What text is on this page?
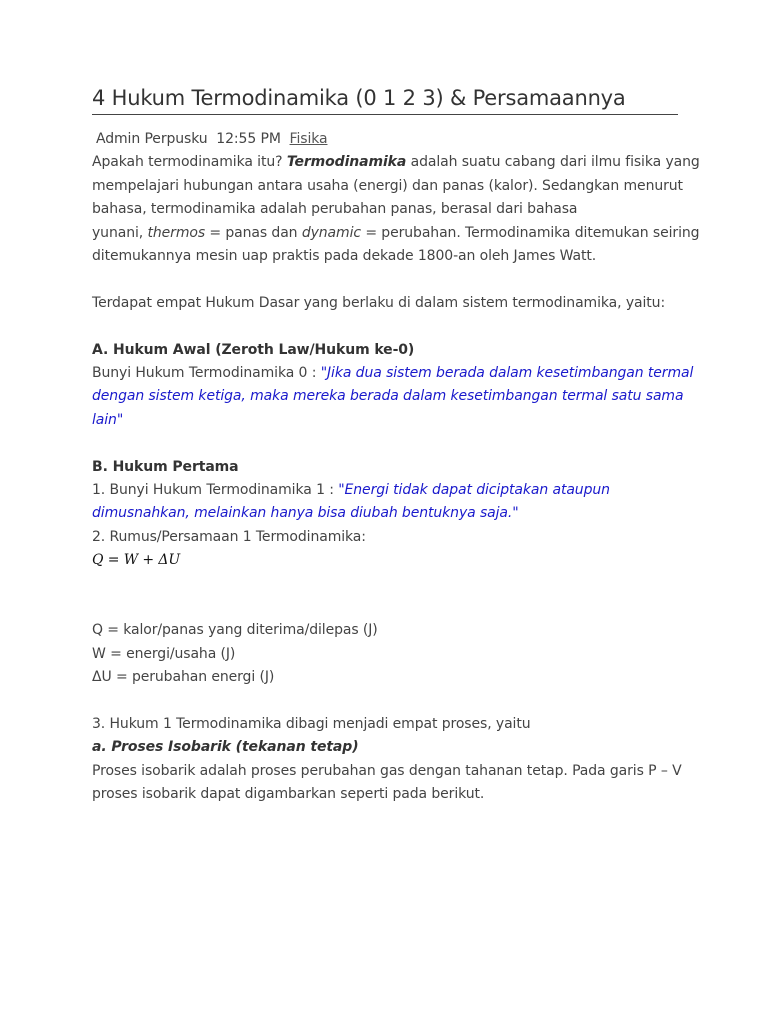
4 Hukum Termodinamika (0 1 2 3) & Persamaannya
Admin Perpusku 12:55 PM Fisika
Apakah termodinamika itu? Termodinamika adalah suatu cabang dari ilmu fisika yang
mempelajari hubungan antara usaha (energi) dan panas (kalor). Sedangkan menurut
bahasa, termodinamika adalah perubahan panas, berasal dari bahasa
yunani, thermos = panas dan dynamic = perubahan. Termodinamika ditemukan seiring
ditemukannya mesin uap praktis pada dekade 1800-an oleh James Watt.
Terdapat empat Hukum Dasar yang berlaku di dalam sistem termodinamika, yaitu:
A. Hukum Awal (Zeroth Law/Hukum ke-0)
Bunyi Hukum Termodinamika 0 : "Jika dua sistem berada dalam kesetimbangan termal
dengan sistem ketiga, maka mereka berada dalam kesetimbangan termal satu sama
lain"
B. Hukum Pertama
1. Bunyi Hukum Termodinamika 1 : "Energi tidak dapat diciptakan ataupun
dimusnahkan, melainkan hanya bisa diubah bentuknya saja."
2. Rumus/Persamaan 1 Termodinamika:
Q = W + ΔU
Q = kalor/panas yang diterima/dilepas (J)
W = energi/usaha (J)
ΔU = perubahan energi (J)
3. Hukum 1 Termodinamika dibagi menjadi empat proses, yaitu
a. Proses Isobarik (tekanan tetap)
Proses isobarik adalah proses perubahan gas dengan tahanan tetap. Pada garis P – V
proses isobarik dapat digambarkan seperti pada berikut.
